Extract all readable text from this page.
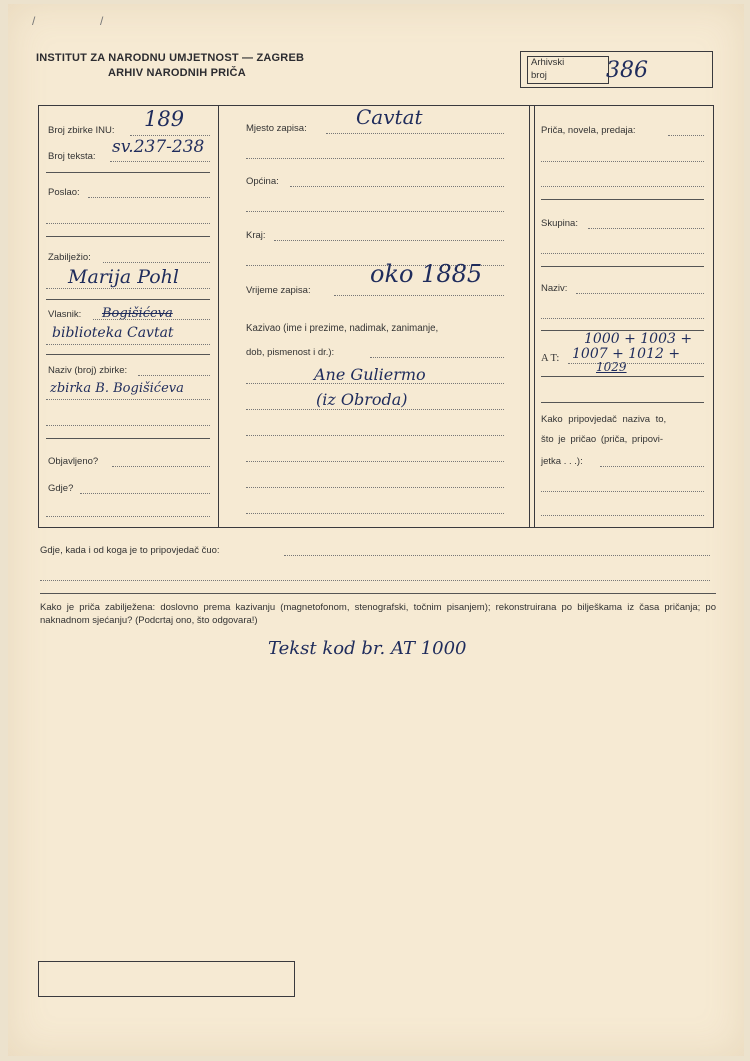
INSTITUT ZA NARODNU UMJETNOST — ZAGREB
ARHIV NARODNIH PRIČA
Arhivski
broj	386
Broj zbirke INU: 189
Broj teksta: sv.237-238
Poslao:
Zabilježio:
Marija Pohl
Vlasnik: Bogišićeva
biblioteka Cavtat
Naziv (broj) zbirke:
zbirka B. Bogišićeva
Objavljeno?
Gdje?
Mjesto zapisa: Cavtat
Općina:
Kraj:
Vrijeme zapisa:
oko 1885
Kazivao (ime i prezime, nadimak, zanimanje,
dob, pismenost i dr.):
Ane Guliermo
(iz Obroda)
Priča, novela, predaja:
Skupina:
Naziv:
1000 + 1003 +
A T: 1007 + 1012 +
1029
Kako pripovjedač naziva to,
što je pričao (priča, pripovi-
jetka . . .):
Gdje, kada i od koga je to pripovjedač čuo:
Kako je priča zabilježena: doslovno prema kazivanju (magnetofonom, stenografski, točnim pisanjem); rekonstruirana po bilješkama iz časa pričanja; po naknadnom sjećanju? (Podcrtaj ono, što odgovara!)
Tekst kod br. AT 1000
/	/
